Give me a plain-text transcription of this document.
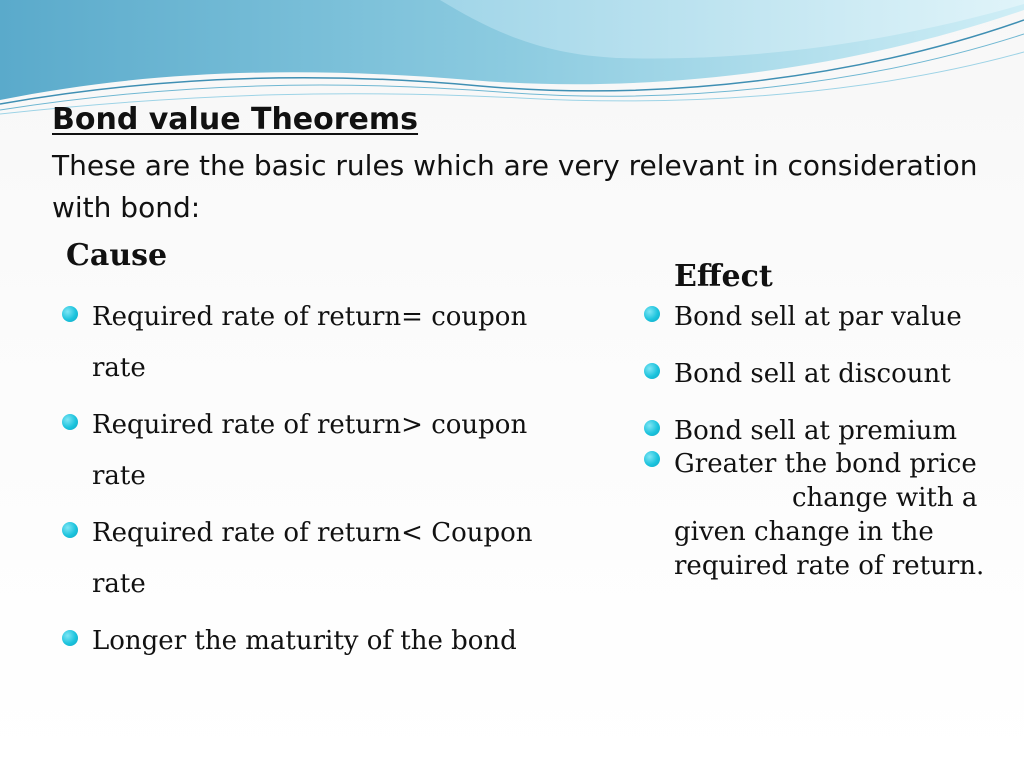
Bond value Theorems
These are the basic rules which are very relevant in consideration with bond:
Cause
Effect
Required rate of return= coupon rate
Required rate of return> coupon rate
Required rate of return< Coupon rate
Longer the maturity of the bond
Bond sell at par value
Bond sell at discount
Bond sell at premium
Greater the bond price
change with a given change in the required rate of return.
